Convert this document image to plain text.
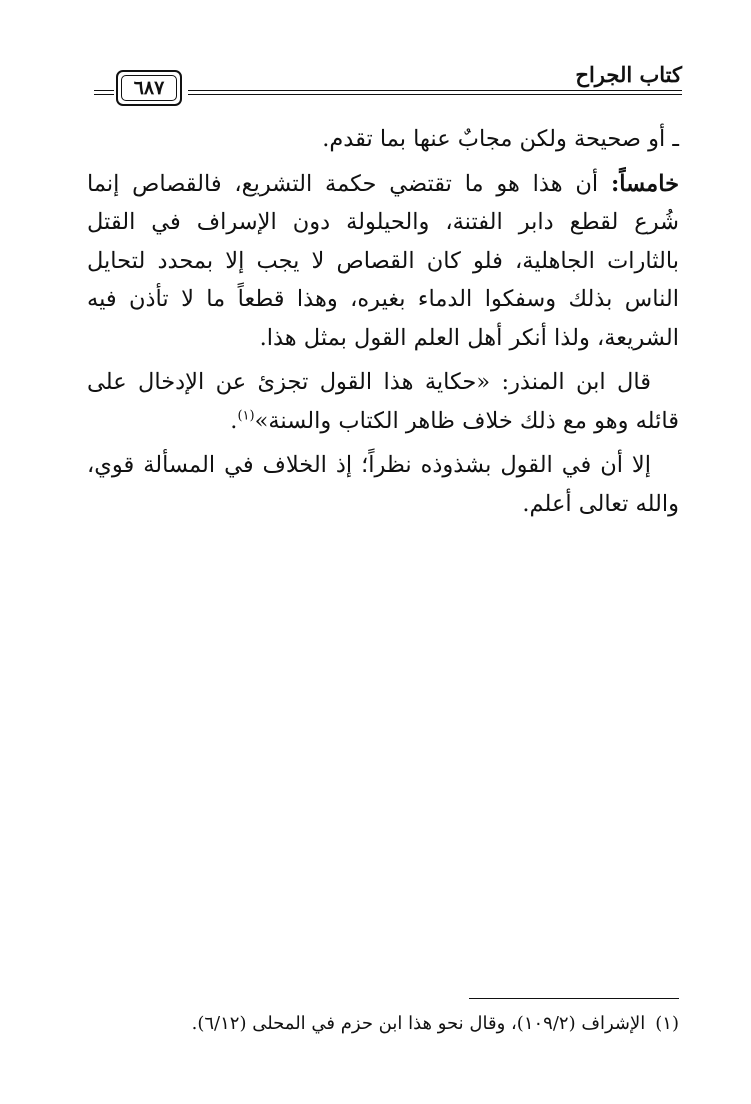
كتاب الجراح
٦٨٧

ـ أو صحيحة ولكن مجابٌ عنها بما تقدم.

خامساً: أن هذا هو ما تقتضي حكمة التشريع، فالقصاص إنما شُرع لقطع دابر الفتنة، والحيلولة دون الإسراف في القتل بالثارات الجاهلية، فلو كان القصاص لا يجب إلا بمحدد لتحايل الناس بذلك وسفكوا الدماء بغيره، وهذا قطعاً ما لا تأذن فيه الشريعة، ولذا أنكر أهل العلم القول بمثل هذا.

قال ابن المنذر: «حكاية هذا القول تجزئ عن الإدخال على قائله وهو مع ذلك خلاف ظاهر الكتاب والسنة»$^{(١)}$.

إلا أن في القول بشذوذه نظراً؛ إذ الخلاف في المسألة قوي، والله تعالى أعلم.

(١)الإشراف (١٠٩/٢)، وقال نحو هذا ابن حزم في المحلى (٦/١٢).
